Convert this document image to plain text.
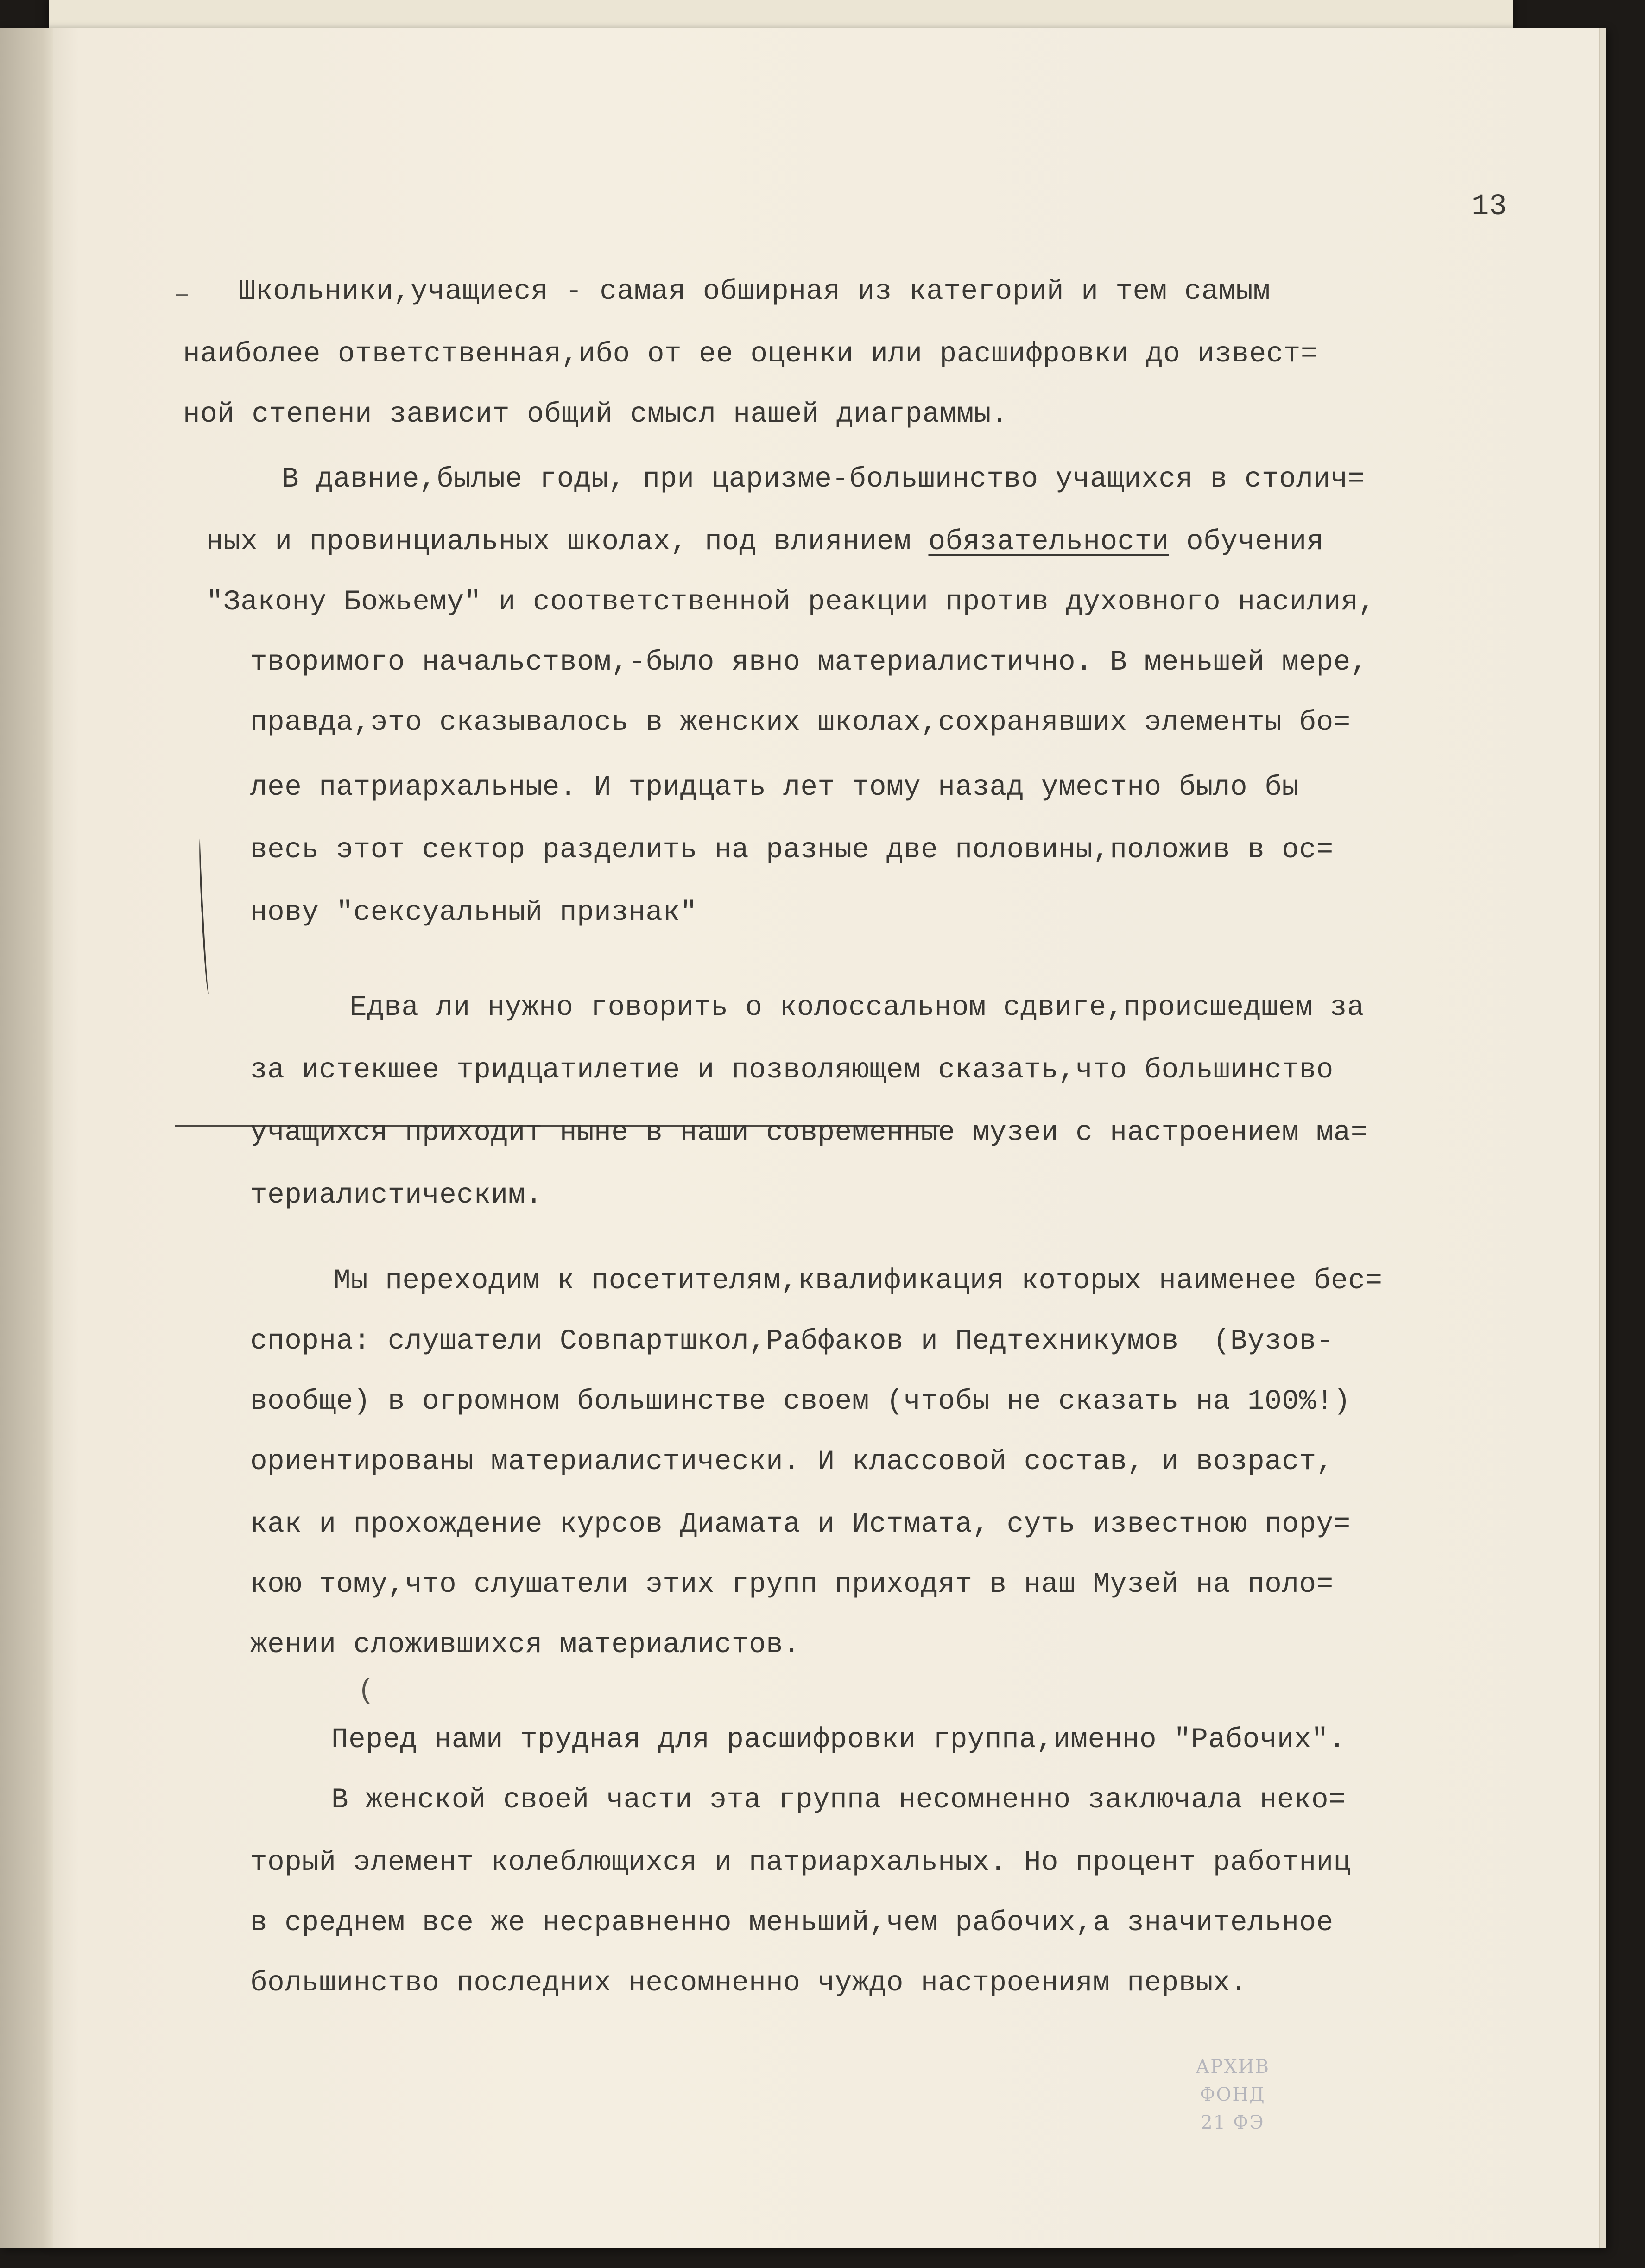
13
– Школьники,учащиеся - самая обширная из категорий и тем самым

наиболее ответственная,ибо от ее оценки или расшифровки до извест=

ной степени зависит общий смысл нашей диаграммы.

В давние,былые годы, при царизме-большинство учащихся в столич=

ных и провинциальных школах, под влиянием обязательности обучения

"Закону Божьему" и соответственной реакции против духовного насилия,

творимого начальством,-было явно материалистично. В меньшей мере,

правда,это сказывалось в женских школах,сохранявших элементы бо=

лее патриархальные. И тридцать лет тому назад уместно было бы

весь этот сектор разделить на разные две половины,положив в ос=

нову "сексуальный признак"

Едва ли нужно говорить о колоссальном сдвиге,происшедшем за

за истекшее тридцатилетие и позволяющем сказать,что большинство

учащихся приходит ныне в наши современные музеи с настроением ма=

териалистическим.

Мы переходим к посетителям,квалификация которых наименее бес=

спорна: слушатели Совпартшкол,Рабфаков и Педтехникумов  (Вузов-

вообще) в огромном большинстве своем (чтобы не сказать на 100%!)

ориентированы материалистически. И классовой состав, и возраст,

как и прохождение курсов Диамата и Истмата, суть известною пору=

кою тому,что слушатели этих групп приходят в наш Музей на поло=

жении сложившихся материалистов.

(

Перед нами трудная для расшифровки группа,именно "Рабочих".

В женской своей части эта группа несомненно заключала неко=

торый элемент колеблющихся и патриархальных. Но процент работниц

в среднем все же несравненно меньший,чем рабочих,а значительное

большинство последних несомненно чуждо настроениям первых.

АРХИВ
ФОНД
21 ФЭ
